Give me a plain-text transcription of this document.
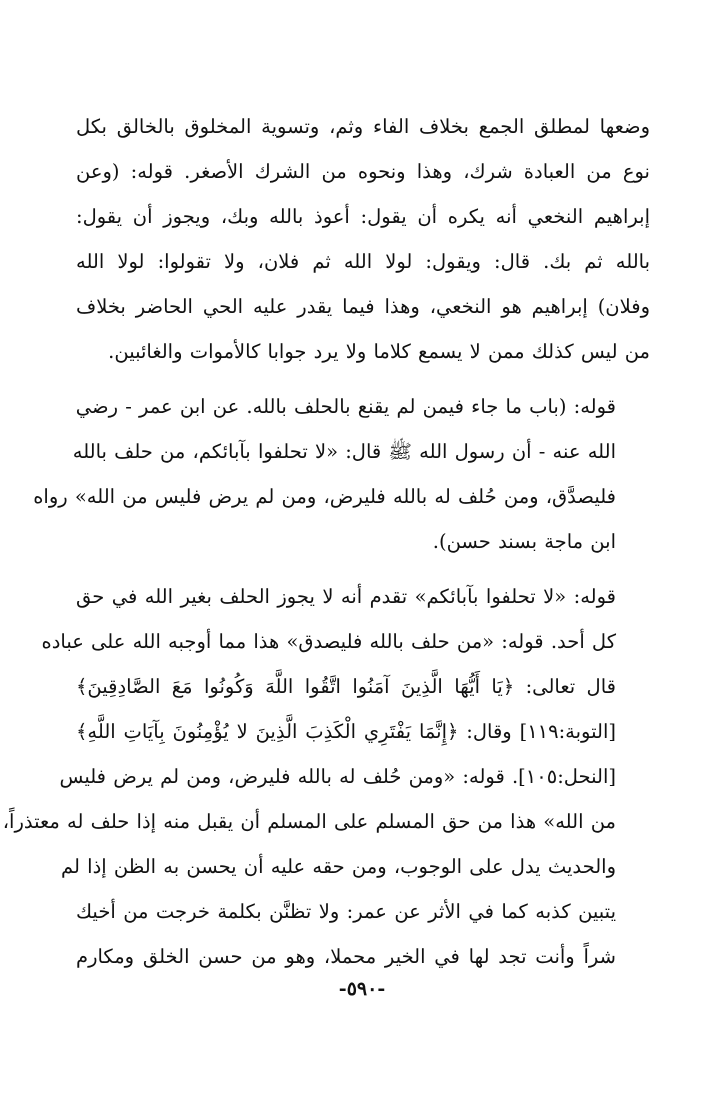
وضعها لمطلق الجمع بخلاف الفاء وثم، وتسوية المخلوق بالخالق بكل
نوع من العبادة شرك، وهذا ونحوه من الشرك الأصغر. قوله: (وعن
إبراهيم النخعي أنه يكره أن يقول: أعوذ بالله وبك، ويجوز أن يقول:
بالله ثم بك. قال: ويقول: لولا الله ثم فلان، ولا تقولوا: لولا الله
وفلان) إبراهيم هو النخعي، وهذا فيما يقدر عليه الحي الحاضر بخلاف
من ليس كذلك ممن لا يسمع كلاما ولا يرد جوابا كالأموات والغائبين.

قوله: (باب ما جاء فيمن لم يقنع بالحلف بالله. عن ابن عمر - رضي
الله عنه - أن رسول الله ﷺ قال: «لا تحلفوا بآبائكم، من حلف بالله
فليصدَّق، ومن حُلف له بالله فليرض، ومن لم يرض فليس من الله» رواه
ابن ماجة بسند حسن).

قوله: «لا تحلفوا بآبائكم» تقدم أنه لا يجوز الحلف بغير الله في حق
كل أحد. قوله: «من حلف بالله فليصدق» هذا مما أوجبه الله على عباده
قال تعالى: ﴿يَا أَيُّهَا الَّذِينَ آمَنُوا اتَّقُوا اللَّهَ وَكُونُوا مَعَ الصَّادِقِينَ﴾
[التوبة:١١٩] وقال: ﴿إِنَّمَا يَفْتَرِي الْكَذِبَ الَّذِينَ لا يُؤْمِنُونَ بِآيَاتِ اللَّهِ﴾
[النحل:١٠٥]. قوله: «ومن حُلف له بالله فليرض، ومن لم يرض فليس
من الله» هذا من حق المسلم على المسلم أن يقبل منه إذا حلف له معتذراً،
والحديث يدل على الوجوب، ومن حقه عليه أن يحسن به الظن إذا لم
يتبين كذبه كما في الأثر عن عمر: ولا تظنَّن بكلمة خرجت من أخيك
شراً وأنت تجد لها في الخير محملا، وهو من حسن الخلق ومكارم

-٥٩٠-
